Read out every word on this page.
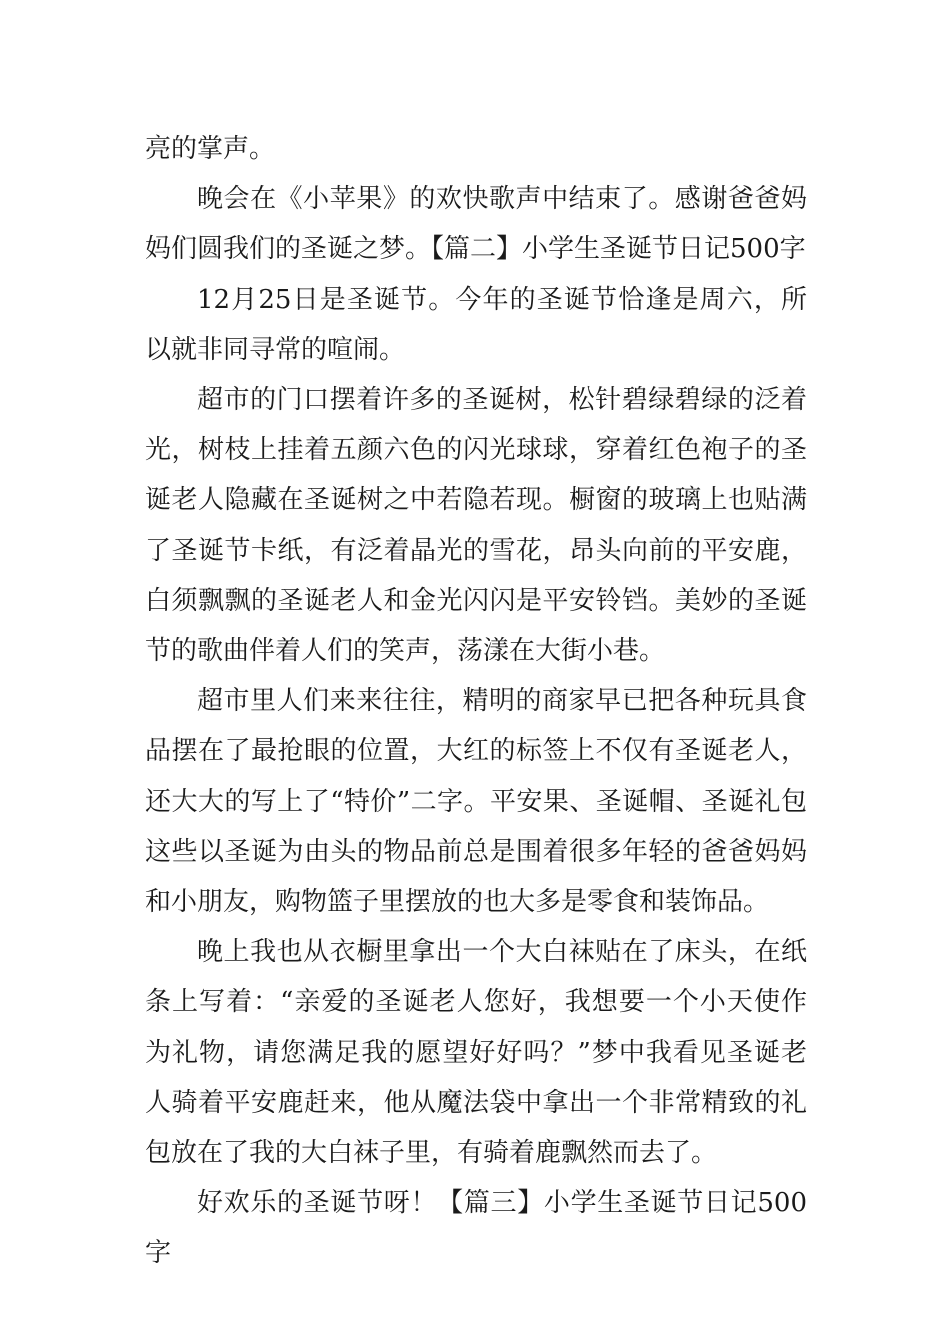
亮的掌声。

晚会在《小苹果》的欢快歌声中结束了。感谢爸爸妈妈们圆我们的圣诞之梦。【篇二】小学生圣诞节日记500字

12月25日是圣诞节。今年的圣诞节恰逢是周六，所以就非同寻常的喧闹。

超市的门口摆着许多的圣诞树，松针碧绿碧绿的泛着光，树枝上挂着五颜六色的闪光球球，穿着红色袍子的圣诞老人隐藏在圣诞树之中若隐若现。橱窗的玻璃上也贴满了圣诞节卡纸，有泛着晶光的雪花，昂头向前的平安鹿，白须飘飘的圣诞老人和金光闪闪是平安铃铛。美妙的圣诞节的歌曲伴着人们的笑声，荡漾在大街小巷。

超市里人们来来往往，精明的商家早已把各种玩具食品摆在了最抢眼的位置，大红的标签上不仅有圣诞老人，还大大的写上了“特价”二字。平安果、圣诞帽、圣诞礼包这些以圣诞为由头的物品前总是围着很多年轻的爸爸妈妈和小朋友，购物篮子里摆放的也大多是零食和装饰品。

晚上我也从衣橱里拿出一个大白袜贴在了床头，在纸条上写着：“亲爱的圣诞老人您好，我想要一个小天使作为礼物，请您满足我的愿望好好吗？”梦中我看见圣诞老人骑着平安鹿赶来，他从魔法袋中拿出一个非常精致的礼包放在了我的大白袜子里，有骑着鹿飘然而去了。

好欢乐的圣诞节呀！【篇三】小学生圣诞节日记500字
